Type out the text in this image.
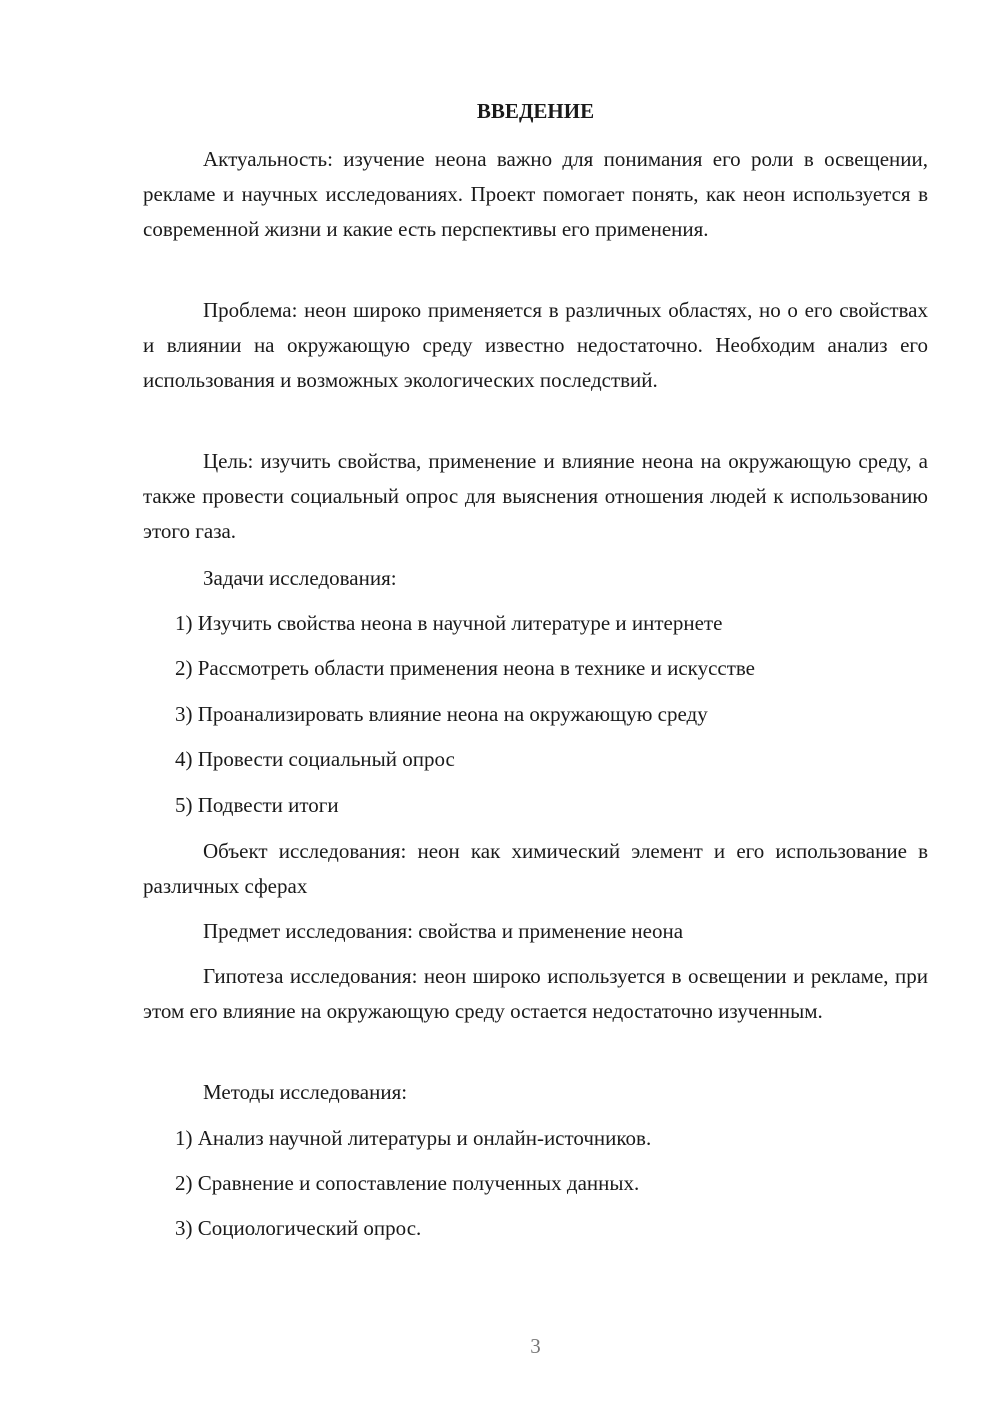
ВВЕДЕНИЕ

Актуальность: изучение неона важно для понимания его роли в освещении, рекламе и научных исследованиях. Проект помогает понять, как неон используется в современной жизни и какие есть перспективы его применения.

Проблема: неон широко применяется в различных областях, но о его свойствах и влиянии на окружающую среду известно недостаточно. Необходим анализ его использования и возможных экологических последствий.

Цель: изучить свойства, применение и влияние неона на окружающую среду, а также провести социальный опрос для выяснения отношения людей к использованию этого газа.

Задачи исследования:

1) Изучить свойства неона в научной литературе и интернете

2) Рассмотреть области применения неона в технике и искусстве

3) Проанализировать влияние неона на окружающую среду

4) Провести социальный опрос

5) Подвести итоги

Объект исследования: неон как химический элемент и его использование в различных сферах

Предмет исследования: свойства и применение неона

Гипотеза исследования: неон широко используется в освещении и рекламе, при этом его влияние на окружающую среду остается недостаточно изученным.

Методы исследования:

1) Анализ научной литературы и онлайн-источников.

2) Сравнение и сопоставление полученных данных.

3) Социологический опрос.

3
